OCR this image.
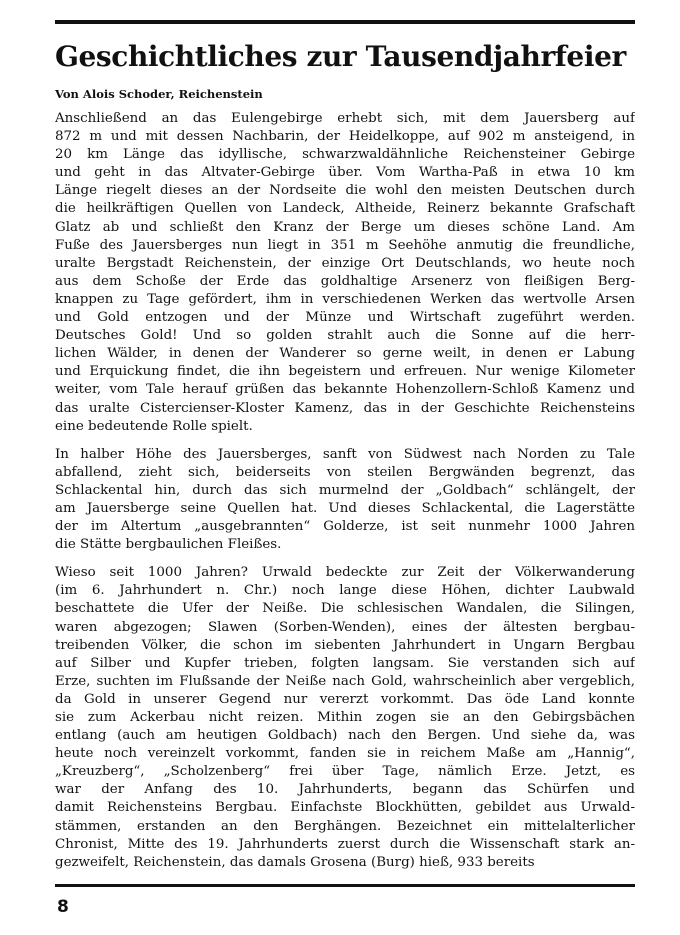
Geschichtliches zur Tausendjahrfeier

Von Alois Schoder, Reichenstein

Anschließend an das Eulengebirge erhebt sich, mit dem Jauersberg auf
872 m und mit dessen Nachbarin, der Heidelkoppe, auf 902 m ansteigend, in
20 km Länge das idyllische, schwarzwaldähnliche Reichensteiner Gebirge
und geht in das Altvater-Gebirge über. Vom Wartha-Paß in etwa 10 km
Länge riegelt dieses an der Nordseite die wohl den meisten Deutschen durch
die heilkräftigen Quellen von Landeck, Altheide, Reinerz bekannte Grafschaft
Glatz ab und schließt den Kranz der Berge um dieses schöne Land. Am
Fuße des Jauersberges nun liegt in 351 m Seehöhe anmutig die freundliche,
uralte Bergstadt Reichenstein, der einzige Ort Deutschlands, wo heute noch
aus dem Schoße der Erde das goldhaltige Arsenerz von fleißigen Berg-
knappen zu Tage gefördert, ihm in verschiedenen Werken das wertvolle Arsen
und Gold entzogen und der Münze und Wirtschaft zugeführt werden.
Deutsches Gold! Und so golden strahlt auch die Sonne auf die herr-
lichen Wälder, in denen der Wanderer so gerne weilt, in denen er Labung
und Erquickung findet, die ihn begeistern und erfreuen. Nur wenige Kilometer
weiter, vom Tale herauf grüßen das bekannte Hohenzollern-Schloß Kamenz und
das uralte Cistercienser-Kloster Kamenz, das in der Geschichte Reichensteins
eine bedeutende Rolle spielt.

In halber Höhe des Jauersberges, sanft von Südwest nach Norden zu Tale
abfallend, zieht sich, beiderseits von steilen Bergwänden begrenzt, das
Schlackental hin, durch das sich murmelnd der „Goldbach“ schlängelt, der
am Jauersberge seine Quellen hat. Und dieses Schlackental, die Lagerstätte
der im Altertum „ausgebrannten“ Golderze, ist seit nunmehr 1000 Jahren
die Stätte bergbaulichen Fleißes.

Wieso seit 1000 Jahren? Urwald bedeckte zur Zeit der Völkerwanderung
(im 6. Jahrhundert n. Chr.) noch lange diese Höhen, dichter Laubwald
beschattete die Ufer der Neiße. Die schlesischen Wandalen, die Silingen,
waren abgezogen; Slawen (Sorben-Wenden), eines der ältesten bergbau-
treibenden Völker, die schon im siebenten Jahrhundert in Ungarn Bergbau
auf Silber und Kupfer trieben, folgten langsam. Sie verstanden sich auf
Erze, suchten im Flußsande der Neiße nach Gold, wahrscheinlich aber vergeblich,
da Gold in unserer Gegend nur vererzt vorkommt. Das öde Land konnte
sie zum Ackerbau nicht reizen. Mithin zogen sie an den Gebirgsbächen
entlang (auch am heutigen Goldbach) nach den Bergen. Und siehe da, was
heute noch vereinzelt vorkommt, fanden sie in reichem Maße am „Hannig“,
„Kreuzberg“, „Scholzenberg“ frei über Tage, nämlich Erze. Jetzt, es
war der Anfang des 10. Jahrhunderts, begann das Schürfen und
damit Reichensteins Bergbau. Einfachste Blockhütten, gebildet aus Urwald-
stämmen, erstanden an den Berghängen. Bezeichnet ein mittelalterlicher
Chronist, Mitte des 19. Jahrhunderts zuerst durch die Wissenschaft stark an-
gezweifelt, Reichenstein, das damals Grosena (Burg) hieß, 933 bereits

8
